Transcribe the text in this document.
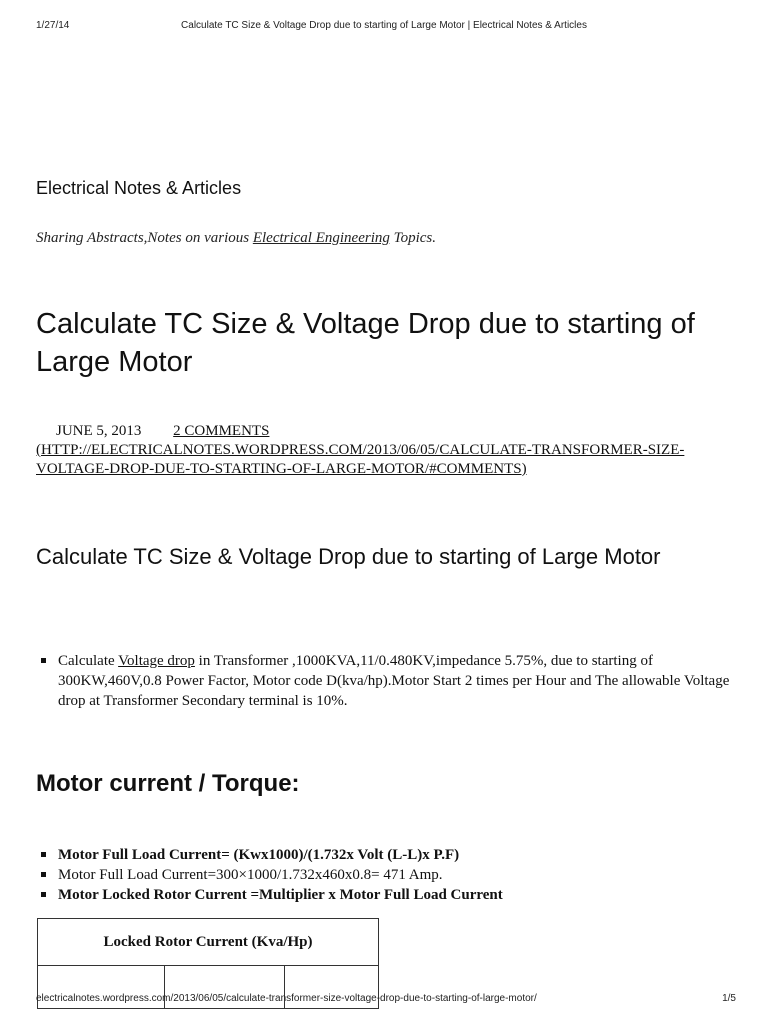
1/27/14	Calculate TC Size & Voltage Drop due to starting of Large Motor | Electrical Notes & Articles
Electrical Notes & Articles
Sharing Abstracts,Notes on various Electrical Engineering Topics.
Calculate TC Size & Voltage Drop due to starting of Large Motor
JUNE 5, 2013 2 COMMENTS
(HTTP://ELECTRICALNOTES.WORDPRESS.COM/2013/06/05/CALCULATE-TRANSFORMER-SIZE-VOLTAGE-DROP-DUE-TO-STARTING-OF-LARGE-MOTOR/#COMMENTS)
Calculate TC Size & Voltage Drop due to starting of Large Motor
Calculate Voltage drop in Transformer ,1000KVA,11/0.480KV,impedance 5.75%, due to starting of 300KW,460V,0.8 Power Factor, Motor code D(kva/hp).Motor Start 2 times per Hour and The allowable Voltage drop at Transformer Secondary terminal is 10%.
Motor current / Torque:
Motor Full Load Current= (Kwx1000)/(1.732x Volt (L-L)x P.F)
Motor Full Load Current=300×1000/1.732x460x0.8= 471 Amp.
Motor Locked Rotor Current =Multiplier x Motor Full Load Current
Locked Rotor Current (Kva/Hp)

electricalnotes.wordpress.com/2013/06/05/calculate-transformer-size-voltage-drop-due-to-starting-of-large-motor/	1/5
